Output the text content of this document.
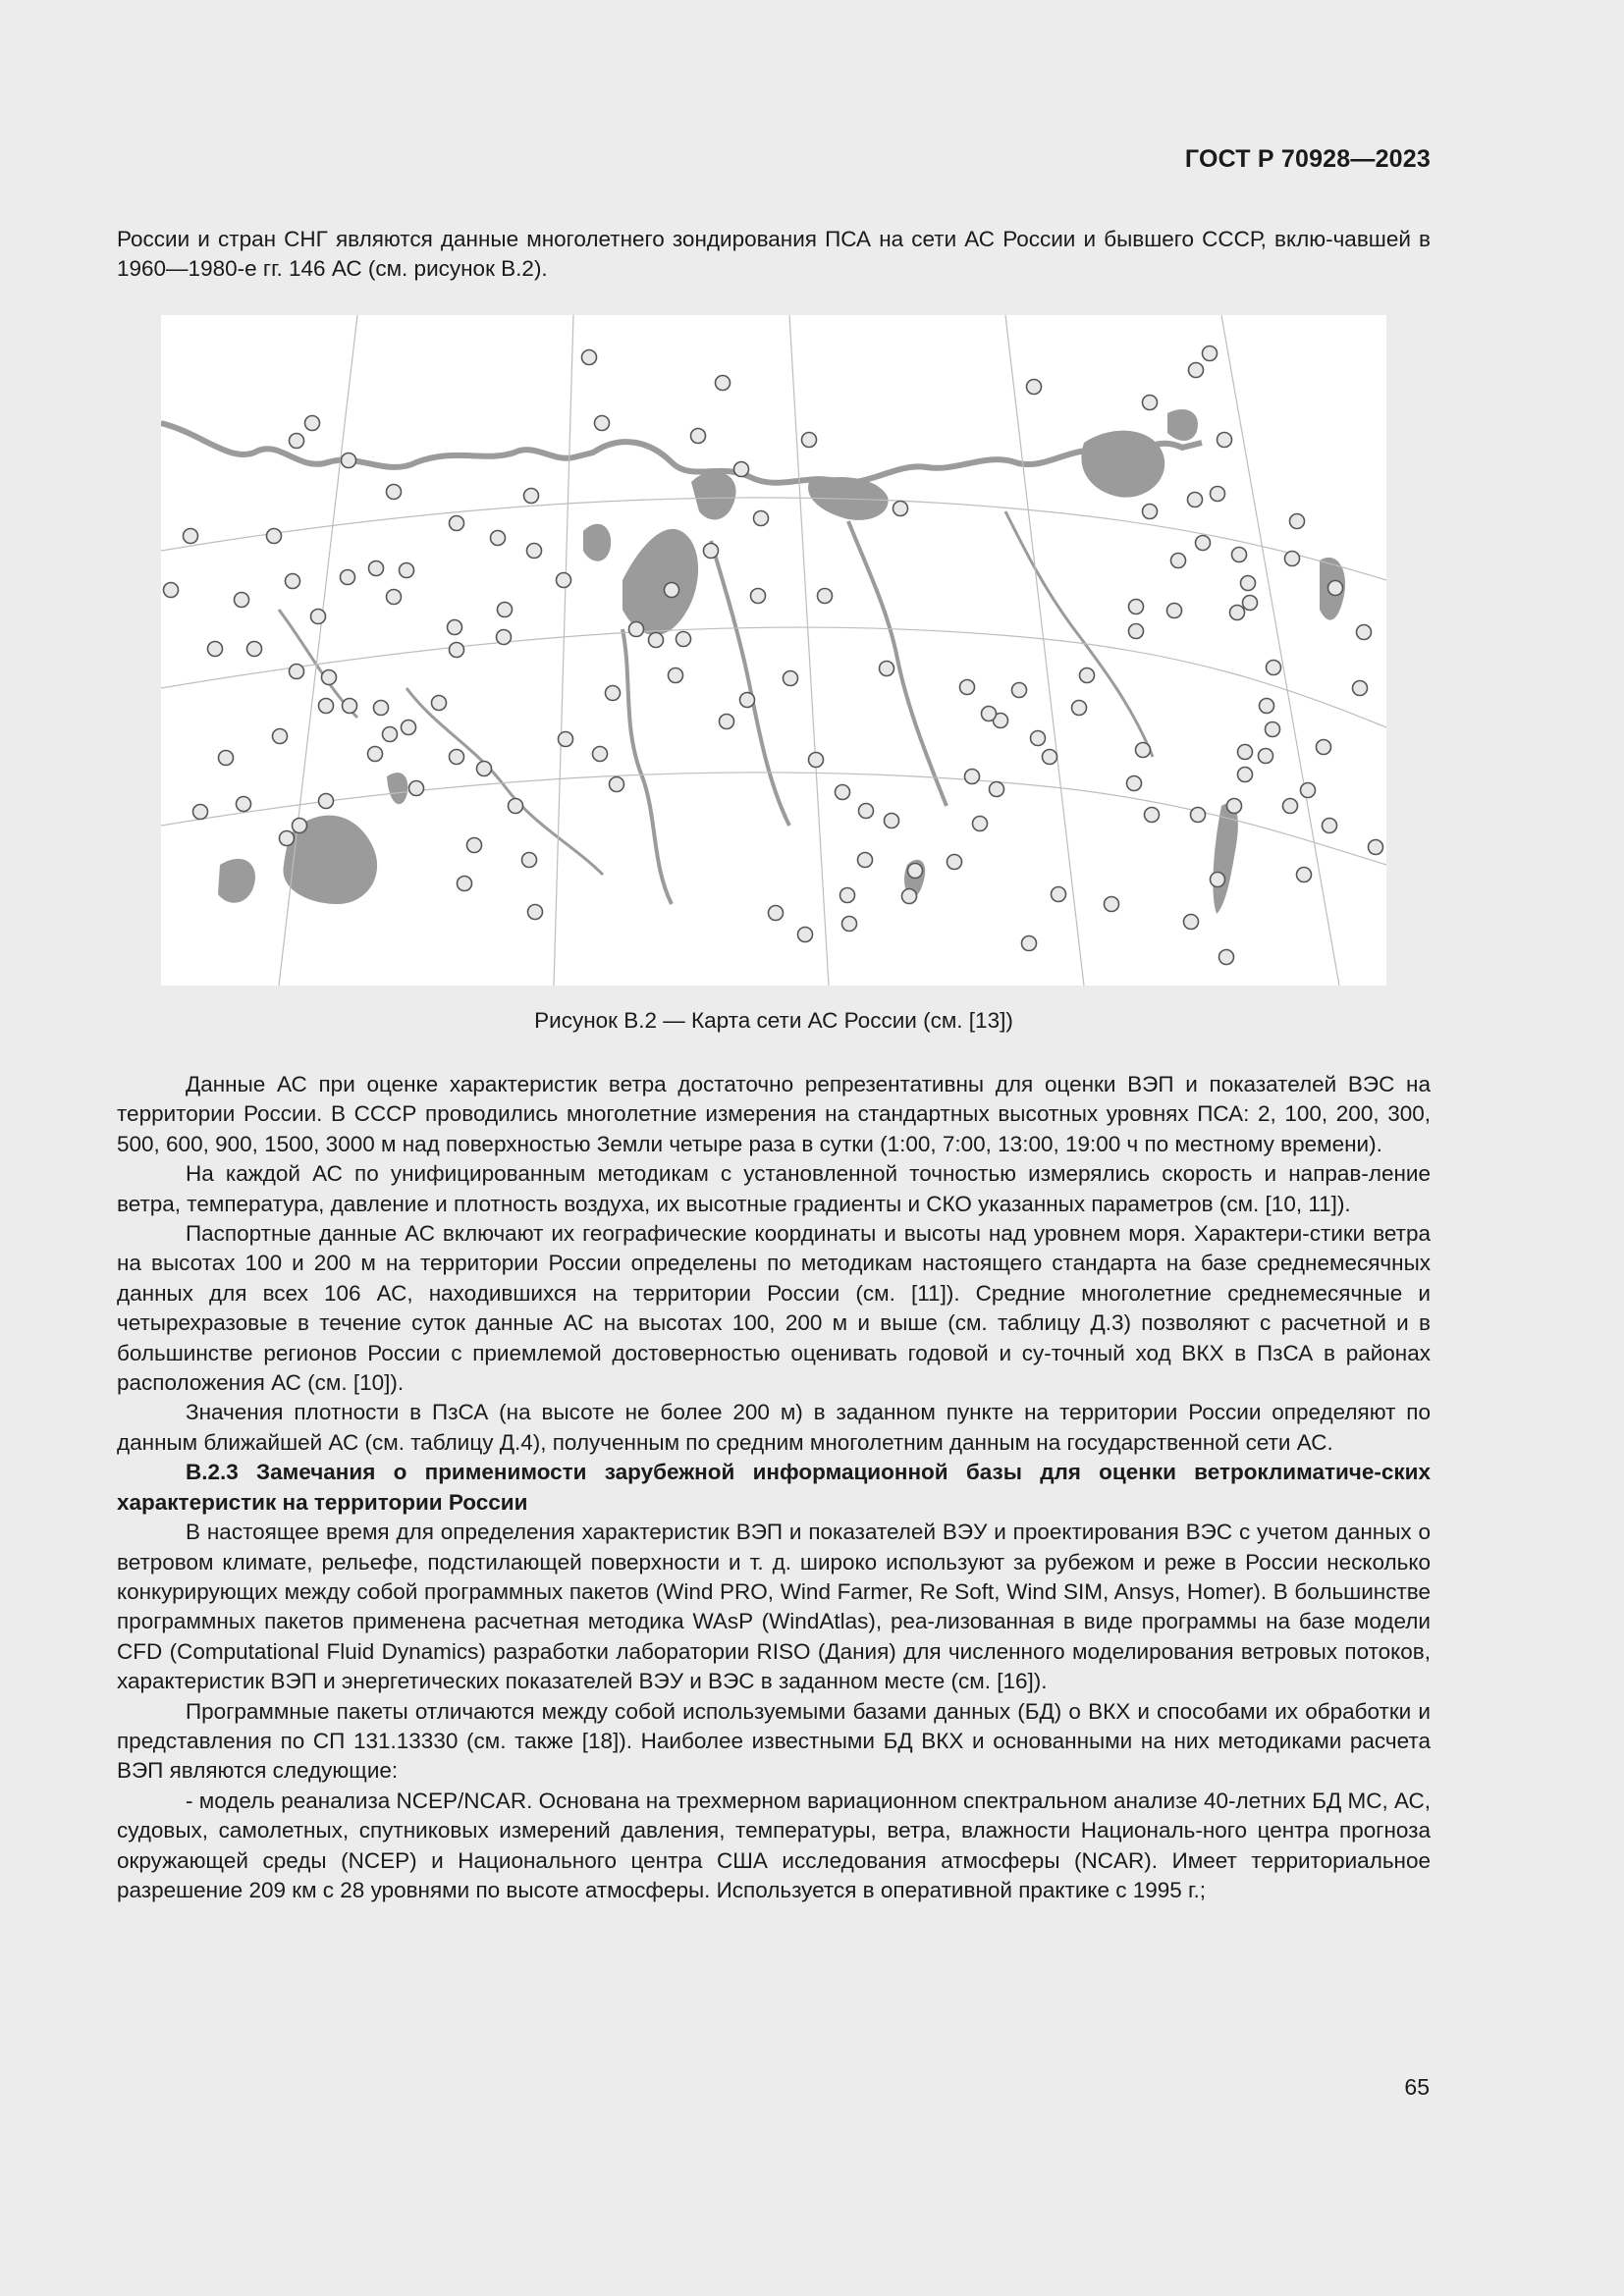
ГОСТ Р 70928—2023

России и стран СНГ являются данные многолетнего зондирования ПСА на сети АС России и бывшего СССР, вклю-чавшей в 1960—1980-е гг. 146 АС (см. рисунок В.2).

Рисунок В.2 — Карта сети АС России (см. [13])

Данные АС при оценке характеристик ветра достаточно репрезентативны для оценки ВЭП и показателей ВЭС на территории России. В СССР проводились многолетние измерения на стандартных высотных уровнях ПСА: 2, 100, 200, 300, 500, 600, 900, 1500, 3000 м над поверхностью Земли четыре раза в сутки (1:00, 7:00, 13:00, 19:00 ч по местному времени).

На каждой АС по унифицированным методикам с установленной точностью измерялись скорость и направ-ление ветра, температура, давление и плотность воздуха, их высотные градиенты и СКО указанных параметров (см. [10, 11]).

Паспортные данные АС включают их географические координаты и высоты над уровнем моря. Характери-стики ветра на высотах 100 и 200 м на территории России определены по методикам настоящего стандарта на базе среднемесячных данных для всех 106 АС, находившихся на территории России (см. [11]). Средние многолетние среднемесячные и четырехразовые в течение суток данные АС на высотах 100, 200 м и выше (см. таблицу Д.3) позволяют с расчетной и в большинстве регионов России с приемлемой достоверностью оценивать годовой и су-точный ход ВКХ в ПзСА в районах расположения АС (см. [10]).

Значения плотности в ПзСА (на высоте не более 200 м) в заданном пункте на территории России определяют по данным ближайшей АС (см. таблицу Д.4), полученным по средним многолетним данным на государственной сети АС.

В.2.3 Замечания о применимости зарубежной информационной базы для оценки ветроклиматиче-ских характеристик на территории России

В настоящее время для определения характеристик ВЭП и показателей ВЭУ и проектирования ВЭС с учетом данных о ветровом климате, рельефе, подстилающей поверхности и т. д. широко используют за рубежом и реже в России несколько конкурирующих между собой программных пакетов (Wind PRO, Wind Farmer, Re Soft, Wind SIM, Ansys, Homer). В большинстве программных пакетов применена расчетная методика WAsP (WindAtlas), реа-лизованная в виде программы на базе модели CFD (Computational Fluid Dynamics) разработки лаборатории RISO (Дания) для численного моделирования ветровых потоков, характеристик ВЭП и энергетических показателей ВЭУ и ВЭС в заданном месте (см. [16]).

Программные пакеты отличаются между собой используемыми базами данных (БД) о ВКХ и способами их обработки и представления по СП 131.13330 (см. также [18]). Наиболее известными БД ВКХ и основанными на них методиками расчета ВЭП являются следующие:

- модель реанализа NCEP/NCAR. Основана на трехмерном вариационном спектральном анализе 40-летних БД МС, АС, судовых, самолетных, спутниковых измерений давления, температуры, ветра, влажности Националь-ного центра прогноза окружающей среды (NCEP) и Национального центра США исследования атмосферы (NCAR). Имеет территориальное разрешение 209 км с 28 уровнями по высоте атмосферы. Используется в оперативной практике с 1995 г.;

65
